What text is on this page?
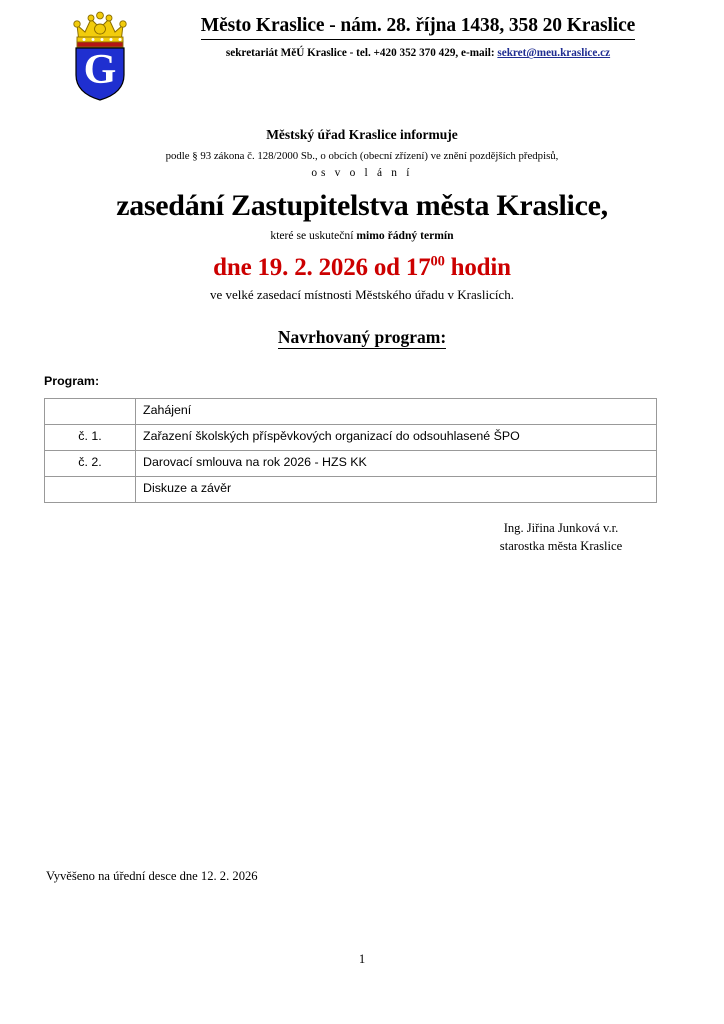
G
Město Kraslice - nám. 28. října 1438, 358 20 Kraslice
sekretariát MěÚ Kraslice - tel. +420 352 370 429, e-mail: sekret@meu.kraslice.cz
Městský úřad Kraslice informuje
podle § 93 zákona č. 128/2000 Sb., o obcích (obecní zřízení) ve znění pozdějších předpisů,
o s v o l á n í
zasedání Zastupitelstva města Kraslice,
které se uskuteční mimo řádný termín
dne 19. 2. 2026 od $17^{00}$ hodin
ve velké zasedací místnosti Městského úřadu v Kraslicích.
Navrhovaný program:
Program:
	Zahájení
č. 1.	Zařazení školských příspěvkových organizací do odsouhlasené ŠPO
č. 2.	Darovací smlouva na rok 2026 - HZS KK
	Diskuze a závěr
Ing. Jiřina Junková v.r.
starostka města Kraslice
Vyvěšeno na úřední desce dne 12. 2. 2026
1
